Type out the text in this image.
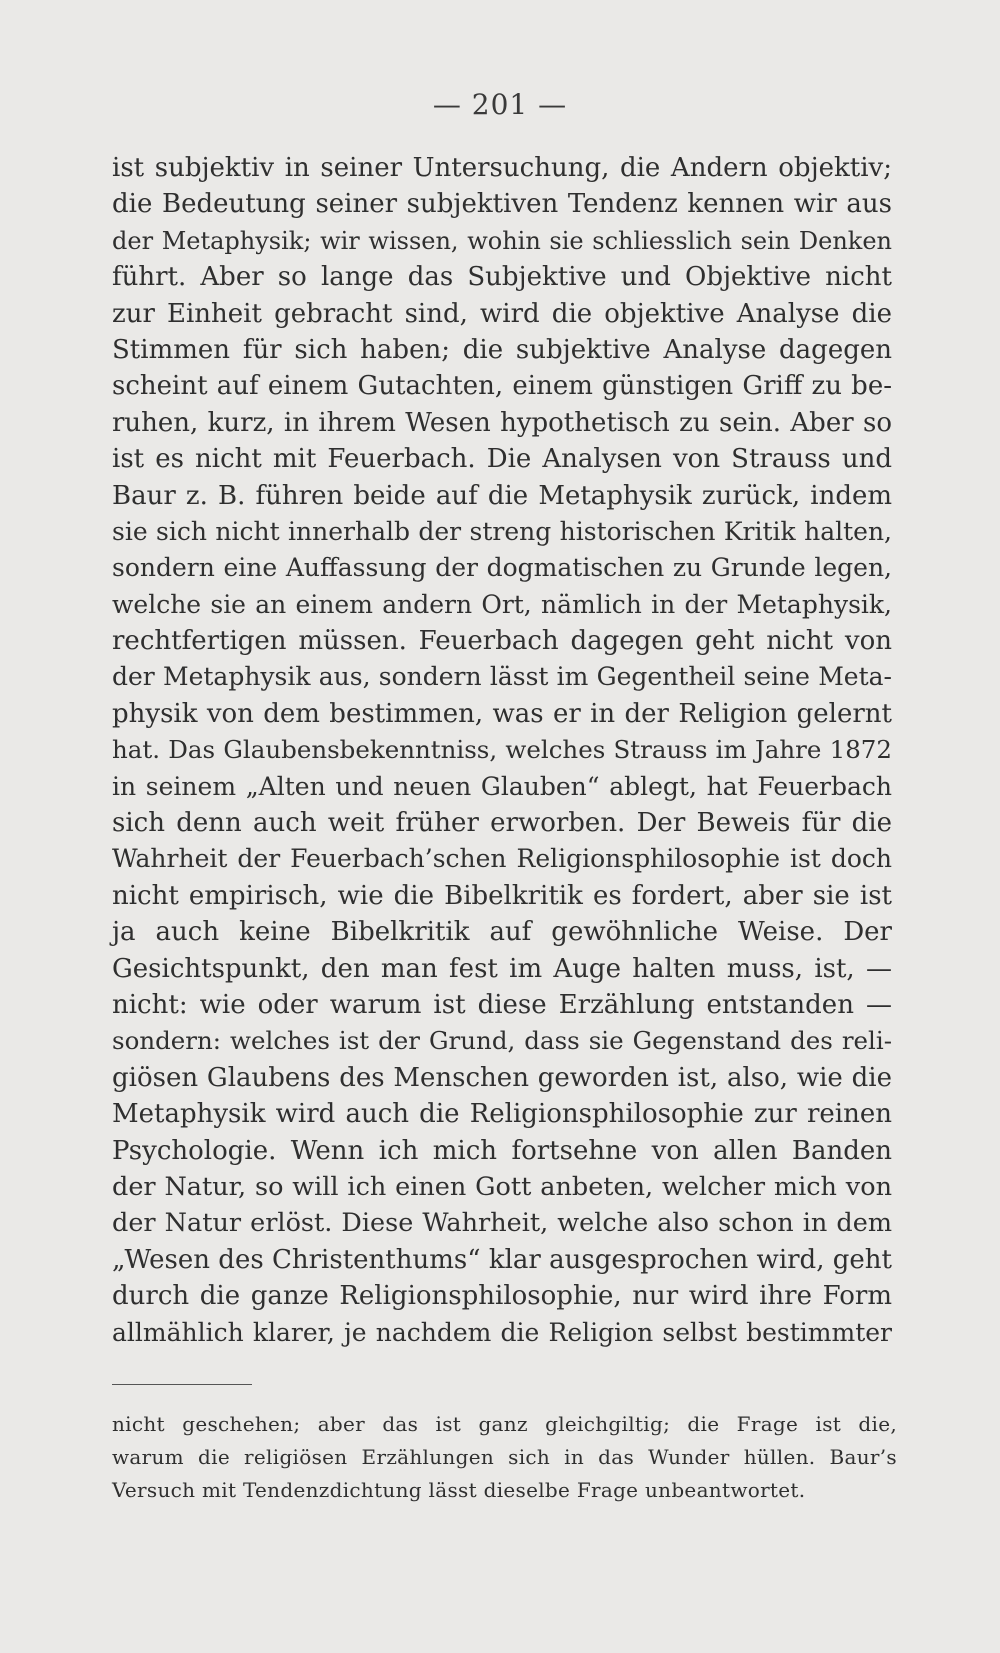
— 201 —
ist subjektiv in seiner Untersuchung, die Andern objektiv;
die Bedeutung seiner subjektiven Tendenz kennen wir aus
der Metaphysik; wir wissen, wohin sie schliesslich sein Denken
führt. Aber so lange das Subjektive und Objektive nicht
zur Einheit gebracht sind, wird die objektive Analyse die
Stimmen für sich haben; die subjektive Analyse dagegen
scheint auf einem Gutachten, einem günstigen Griff zu be-
ruhen, kurz, in ihrem Wesen hypothetisch zu sein. Aber so
ist es nicht mit Feuerbach. Die Analysen von Strauss und
Baur z. B. führen beide auf die Metaphysik zurück, indem
sie sich nicht innerhalb der streng historischen Kritik halten,
sondern eine Auffassung der dogmatischen zu Grunde legen,
welche sie an einem andern Ort, nämlich in der Metaphysik,
rechtfertigen müssen. Feuerbach dagegen geht nicht von
der Metaphysik aus, sondern lässt im Gegentheil seine Meta-
physik von dem bestimmen, was er in der Religion gelernt
hat. Das Glaubensbekenntniss, welches Strauss im Jahre 1872
in seinem „Alten und neuen Glauben“ ablegt, hat Feuerbach
sich denn auch weit früher erworben. Der Beweis für die
Wahrheit der Feuerbach’schen Religionsphilosophie ist doch
nicht empirisch, wie die Bibelkritik es fordert, aber sie ist
ja auch keine Bibelkritik auf gewöhnliche Weise. Der
Gesichtspunkt, den man fest im Auge halten muss, ist, —
nicht: wie oder warum ist diese Erzählung entstanden —
sondern: welches ist der Grund, dass sie Gegenstand des reli-
giösen Glaubens des Menschen geworden ist, also, wie die
Metaphysik wird auch die Religionsphilosophie zur reinen
Psychologie. Wenn ich mich fortsehne von allen Banden
der Natur, so will ich einen Gott anbeten, welcher mich von
der Natur erlöst. Diese Wahrheit, welche also schon in dem
„Wesen des Christenthums“ klar ausgesprochen wird, geht
durch die ganze Religionsphilosophie, nur wird ihre Form
allmählich klarer, je nachdem die Religion selbst bestimmter
nicht geschehen; aber das ist ganz gleichgiltig; die Frage ist die,
warum die religiösen Erzählungen sich in das Wunder hüllen. Baur’s
Versuch mit Tendenzdichtung lässt dieselbe Frage unbeantwortet.
